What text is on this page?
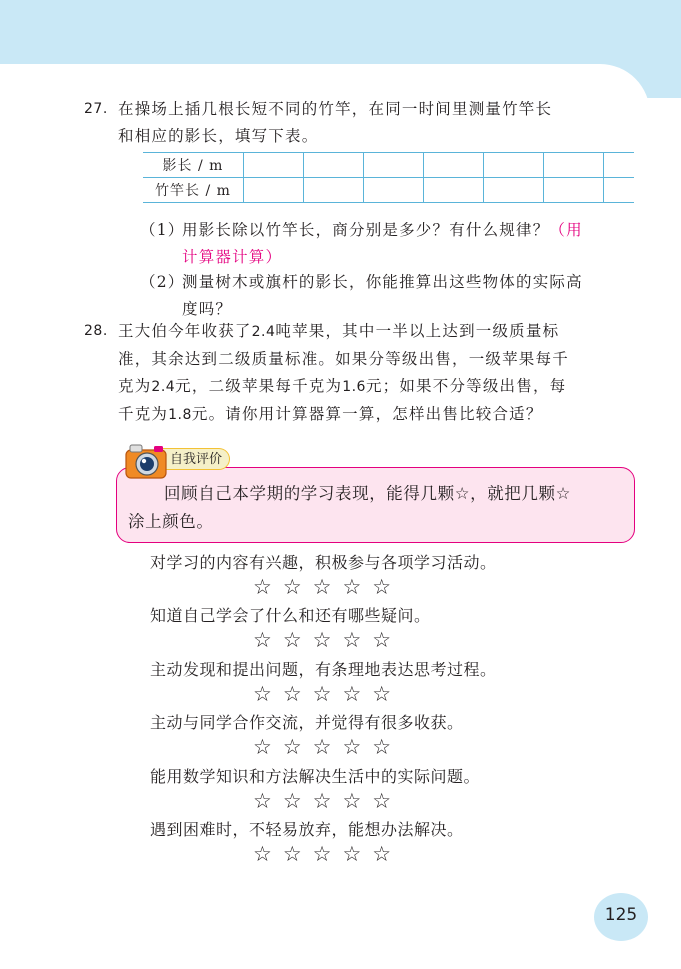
27. 在操场上插几根长短不同的竹竿，在同一时间里测量竹竿长
和相应的影长，填写下表。
影长 / m							
竹竿长 / m							
（1）
用影长除以竹竿长，商分别是多少？有什么规律？（用
计算器计算）
（2）
测量树木或旗杆的影长，你能推算出这些物体的实际高
度吗？
28. 王大伯今年收获了2.4吨苹果，其中一半以上达到一级质量标
准，其余达到二级质量标准。如果分等级出售，一级苹果每千
克为2.4元，二级苹果每千克为1.6元；如果不分等级出售，每
千克为1.8元。请你用计算器算一算，怎样出售比较合适？
自我评价
回顾自己本学期的学习表现，能得几颗☆，就把几颗☆
涂上颜色。
对学习的内容有兴趣，积极参与各项学习活动。
☆☆☆☆☆
知道自己学会了什么和还有哪些疑问。
☆☆☆☆☆
主动发现和提出问题，有条理地表达思考过程。
☆☆☆☆☆
主动与同学合作交流，并觉得有很多收获。
☆☆☆☆☆
能用数学知识和方法解决生活中的实际问题。
☆☆☆☆☆
遇到困难时，不轻易放弃，能想办法解决。
☆☆☆☆☆
125
